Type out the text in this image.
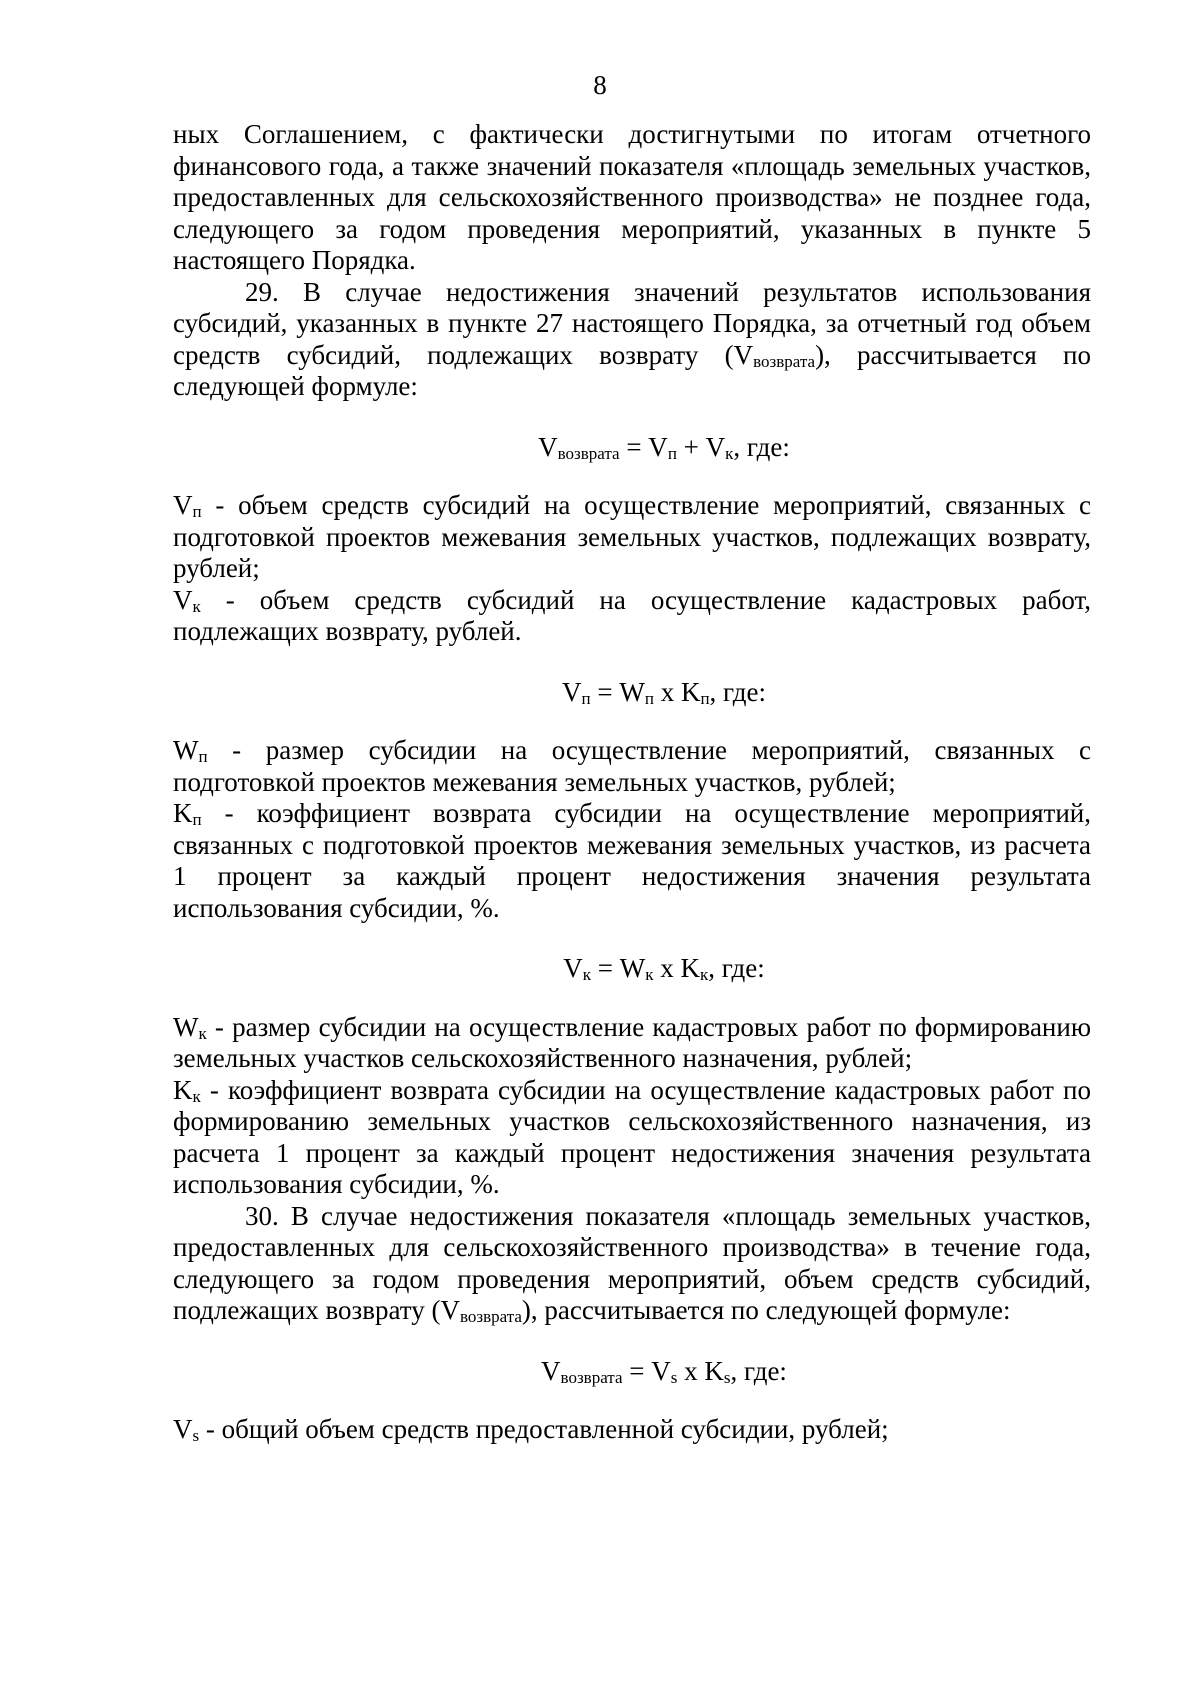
8

ных Соглашением, с фактически достигнутыми по итогам отчетного финансового года, а также значений показателя «площадь земельных участков, предоставленных для сельскохозяйственного производства» не позднее года, следующего за годом проведения мероприятий, указанных в пункте 5 настоящего Порядка.

29. В случае недостижения значений результатов использования субсидий, указанных в пункте 27 настоящего Порядка, за отчетный год объем средств субсидий, подлежащих возврату $(V_{возврата})$, рассчитывается по следующей формуле:

$V_{возврата} = V_п + V_к$, где:

$V_п$ - объем средств субсидий на осуществление мероприятий, связанных с подготовкой проектов межевания земельных участков, подлежащих возврату, рублей;

$V_к$ - объем средств субсидий на осуществление кадастровых работ, подлежащих возврату, рублей.

$V_п = W_п$ x $K_п$, где:

$W_п$ - размер субсидии на осуществление мероприятий, связанных с подготовкой проектов межевания земельных участков, рублей;

$K_п$ - коэффициент возврата субсидии на осуществление мероприятий, связанных с подготовкой проектов межевания земельных участков, из расчета 1 процент за каждый процент недостижения значения результата использования субсидии, %.

$V_к = W_к$ x $K_к$, где:

$W_к$ - размер субсидии на осуществление кадастровых работ по формированию земельных участков сельскохозяйственного назначения, рублей;

$K_к$ - коэффициент возврата субсидии на осуществление кадастровых работ по формированию земельных участков сельскохозяйственного назначения, из расчета 1 процент за каждый процент недостижения значения результата использования субсидии, %.

30. В случае недостижения показателя «площадь земельных участков, предоставленных для сельскохозяйственного производства» в течение года, следующего за годом проведения мероприятий, объем средств субсидий, подлежащих возврату $(V_{возврата})$, рассчитывается по следующей формуле:

$V_{возврата} = V_s$ x $K_s$, где:

$V_s$ - общий объем средств предоставленной субсидии, рублей;
